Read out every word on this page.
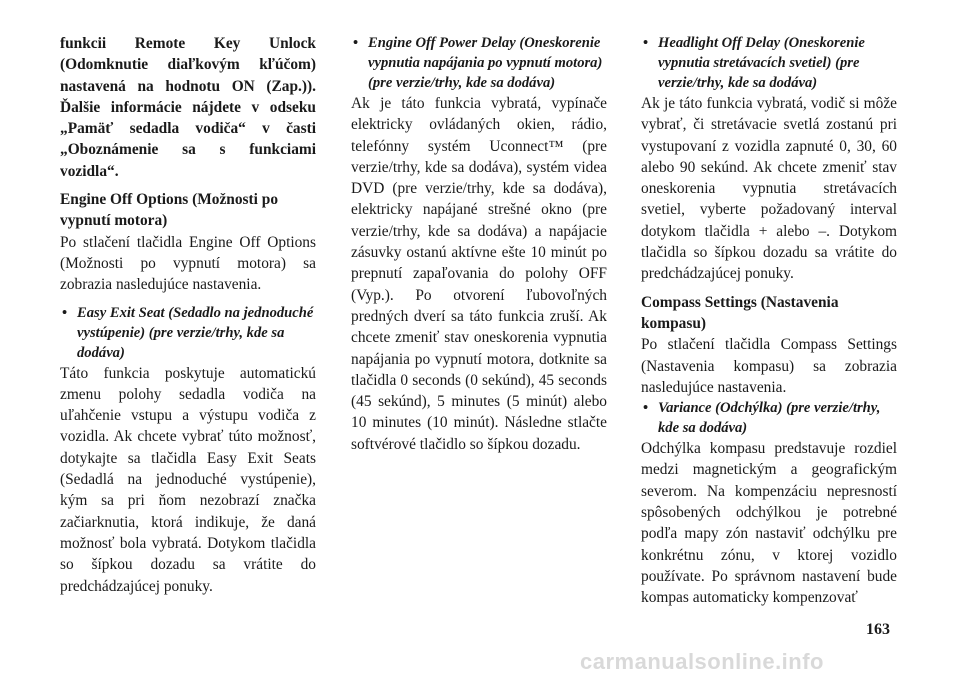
funkcii Remote Key Unlock (Odomknutie diaľkovým kľúčom) nastavená na hodnotu ON (Zap.)). Ďalšie informácie nájdete v odseku „Pamäť sedadla vodiča“ v časti „Oboznámenie sa s funkciami vozidla“.

Engine Off Options (Možnosti po vypnutí motora)

Po stlačení tlačidla Engine Off Options (Možnosti po vypnutí motora) sa zobrazia nasledujúce nastavenia.

• Easy Exit Seat (Sedadlo na jednoduché vystúpenie) (pre verzie/trhy, kde sa dodáva)

Táto funkcia poskytuje automatickú zmenu polohy sedadla vodiča na uľahčenie vstupu a výstupu vodiča z vozidla. Ak chcete vybrať túto možnosť, dotykajte sa tlačidla Easy Exit Seats (Sedadlá na jednoduché vystúpenie), kým sa pri ňom nezobrazí značka začiarknutia, ktorá indikuje, že daná možnosť bola vybratá. Dotykom tlačidla so šípkou dozadu sa vrátite do predchádzajúcej ponuky.

• Engine Off Power Delay (Oneskorenie vypnutia napájania po vypnutí motora) (pre verzie/trhy, kde sa dodáva)

Ak je táto funkcia vybratá, vypínače elektricky ovládaných okien, rádio, telefónny systém Uconnect™ (pre verzie/trhy, kde sa dodáva), systém videa DVD (pre verzie/trhy, kde sa dodáva), elektricky napájané strešné okno (pre verzie/trhy, kde sa dodáva) a napájacie zásuvky ostanú aktívne ešte 10 minút po prepnutí zapaľovania do polohy OFF (Vyp.). Po otvorení ľubovoľných predných dverí sa táto funkcia zruší. Ak chcete zmeniť stav oneskorenia vypnutia napájania po vypnutí motora, dotknite sa tlačidla 0 seconds (0 sekúnd), 45 seconds (45 sekúnd), 5 minutes (5 minút) alebo 10 minutes (10 minút). Následne stlačte softvérové tlačidlo so šípkou dozadu.

• Headlight Off Delay (Oneskorenie vypnutia stretávacích svetiel) (pre verzie/trhy, kde sa dodáva)

Ak je táto funkcia vybratá, vodič si môže vybrať, či stretávacie svetlá zostanú pri vystupovaní z vozidla zapnuté 0, 30, 60 alebo 90 sekúnd. Ak chcete zmeniť stav oneskorenia vypnutia stretávacích svetiel, vyberte požadovaný interval dotykom tlačidla + alebo –. Dotykom tlačidla so šípkou dozadu sa vrátite do predchádzajúcej ponuky.

Compass Settings (Nastavenia kompasu)

Po stlačení tlačidla Compass Settings (Nastavenia kompasu) sa zobrazia nasledujúce nastavenia.

• Variance (Odchýlka) (pre verzie/trhy, kde sa dodáva)

Odchýlka kompasu predstavuje rozdiel medzi magnetickým a geografickým severom. Na kompenzáciu nepresností spôsobených odchýlkou je potrebné podľa mapy zón nastaviť odchýlku pre konkrétnu zónu, v ktorej vozidlo používate. Po správnom nastavení bude kompas automaticky kompenzovať

163
carmanualsonline.info
